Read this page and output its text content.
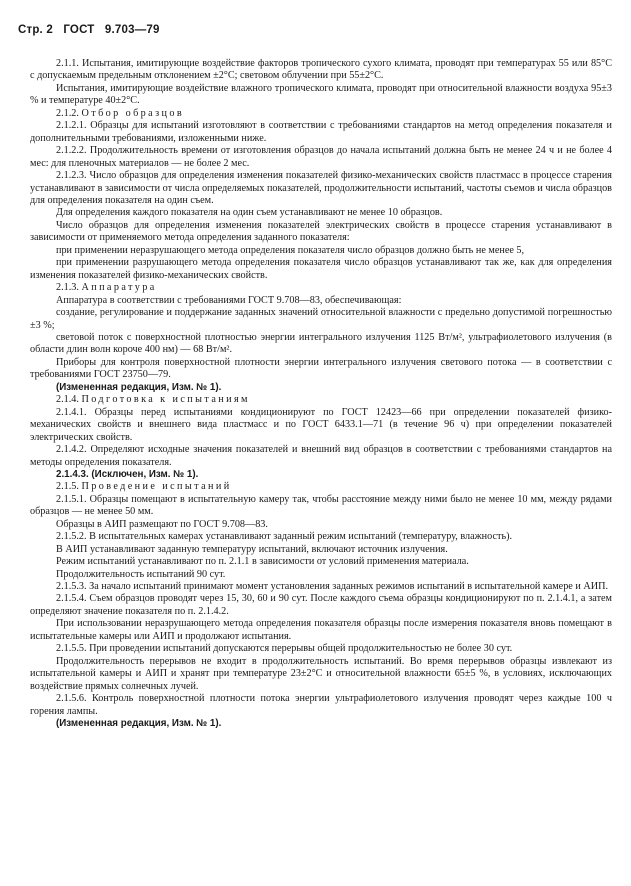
Стр. 2 ГОСТ 9.703—79

2.1.1. Испытания, имитирующие воздействие факторов тропического сухого климата, проводят при температурах 55 или 85°С с допускаемым предельным отклонением ±2°С; световом облучении при 55±2°С.

Испытания, имитирующие воздействие влажного тропического климата, проводят при относительной влажности воздуха 95±3 % и температуре 40±2°С.

2.1.2. Отбор образцов

2.1.2.1. Образцы для испытаний изготовляют в соответствии с требованиями стандартов на метод определения показателя и дополнительными требованиями, изложенными ниже.

2.1.2.2. Продолжительность времени от изготовления образцов до начала испытаний должна быть не менее 24 ч и не более 4 мес: для пленочных материалов — не более 2 мес.

2.1.2.3. Число образцов для определения изменения показателей физико-механических свойств пластмасс в процессе старения устанавливают в зависимости от числа определяемых показателей, продолжительности испытаний, частоты съемов и числа образцов для определения показателя на один съем.

Для определения каждого показателя на один съем устанавливают не менее 10 образцов.

Число образцов для определения изменения показателей электрических свойств в процессе старения устанавливают в зависимости от применяемого метода определения заданного показателя:

при применении неразрушающего метода определения показателя число образцов должно быть не менее 5,

при применении разрушающего метода определения показателя число образцов устанавливают так же, как для определения изменения показателей физико-механических свойств.

2.1.3. Аппаратура

Аппаратура в соответствии с требованиями ГОСТ 9.708—83, обеспечивающая:

создание, регулирование и поддержание заданных значений относительной влажности с предельно допустимой погрешностью ±3 %;

световой поток с поверхностной плотностью энергии интегрального излучения 1125 Вт/м², ультрафиолетового излучения (в области длин волн короче 400 нм) — 68 Вт/м².

Приборы для контроля поверхностной плотности энергии интегрального излучения светового потока — в соответствии с требованиями ГОСТ 23750—79.

(Измененная редакция, Изм. № 1).

2.1.4. Подготовка к испытаниям

2.1.4.1. Образцы перед испытаниями кондиционируют по ГОСТ 12423—66 при определении показателей физико-механических свойств и внешнего вида пластмасс и по ГОСТ 6433.1—71 (в течение 96 ч) при определении показателей электрических свойств.

2.1.4.2. Определяют исходные значения показателей и внешний вид образцов в соответствии с требованиями стандартов на методы определения показателя.

2.1.4.3. (Исключен, Изм. № 1).

2.1.5. Проведение испытаний

2.1.5.1. Образцы помещают в испытательную камеру так, чтобы расстояние между ними было не менее 10 мм, между рядами образцов — не менее 50 мм.

Образцы в АИП размещают по ГОСТ 9.708—83.

2.1.5.2. В испытательных камерах устанавливают заданный режим испытаний (температуру, влажность).

В АИП устанавливают заданную температуру испытаний, включают источник излучения.

Режим испытаний устанавливают по п. 2.1.1 в зависимости от условий применения материала.

Продолжительность испытаний 90 сут.

2.1.5.3. За начало испытаний принимают момент установления заданных режимов испытаний в испытательной камере и АИП.

2.1.5.4. Съем образцов проводят через 15, 30, 60 и 90 сут. После каждого съема образцы кондиционируют по п. 2.1.4.1, а затем определяют значение показателя по п. 2.1.4.2.

При использовании неразрушающего метода определения показателя образцы после измерения показателя вновь помещают в испытательные камеры или АИП и продолжают испытания.

2.1.5.5. При проведении испытаний допускаются перерывы общей продолжительностью не более 30 сут.

Продолжительность перерывов не входит в продолжительность испытаний. Во время перерывов образцы извлекают из испытательной камеры и АИП и хранят при температуре 23±2°С и относительной влажности 65±5 %, в условиях, исключающих воздействие прямых солнечных лучей.

2.1.5.6. Контроль поверхностной плотности потока энергии ультрафиолетового излучения проводят через каждые 100 ч горения лампы.

(Измененная редакция, Изм. № 1).
